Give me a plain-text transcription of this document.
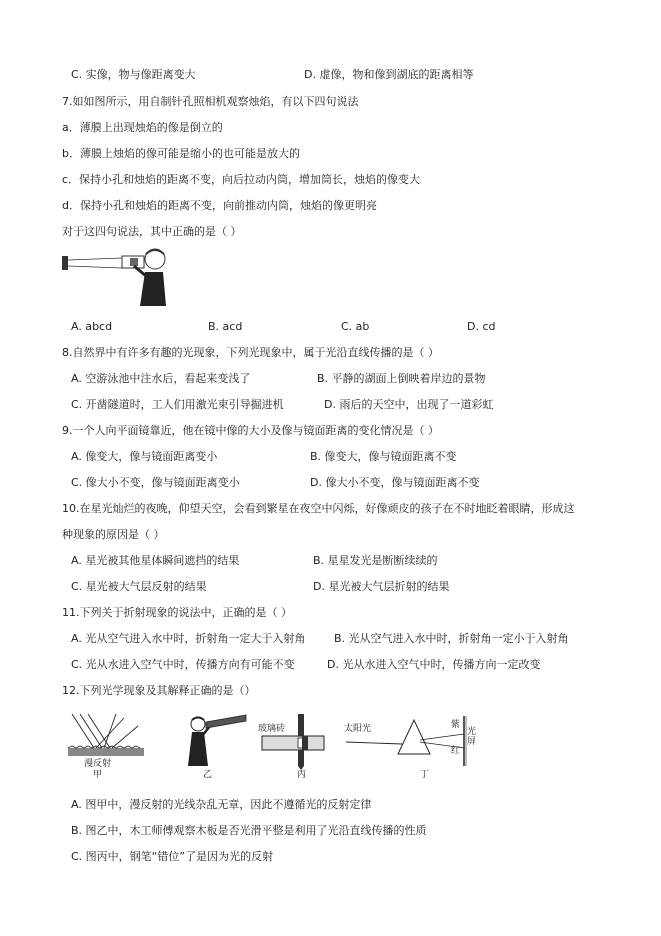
C. 实像，物与像距离变大	D. 虚像，物和像到湖底的距离相等
7.如如图所示，用自制针孔照相机观察烛焰，有以下四句说法
a．薄膜上出现烛焰的像是倒立的
b．薄膜上烛焰的像可能是缩小的也可能是放大的
c．保持小孔和烛焰的距离不变，向后拉动内筒，增加筒长，烛焰的像变大
d．保持小孔和烛焰的距离不变，向前推动内筒，烛焰的像更明亮
对于这四句说法，其中正确的是（ ）
A. abcd	B. acd	C. ab	D. cd
8.自然界中有许多有趣的光现象，下列光现象中，属于光沿直线传播的是（ ）
A. 空游泳池中注水后，看起来变浅了	B. 平静的湖面上倒映着岸边的景物
C. 开凿隧道时，工人们用激光束引导掘进机	D. 雨后的天空中，出现了一道彩虹
9.一个人向平面镜靠近，他在镜中像的大小及像与镜面距离的变化情况是（ ）
A. 像变大，像与镜面距离变小	B. 像变大，像与镜面距离不变
C. 像大小不变，像与镜面距离变小	D. 像大小不变，像与镜面距离不变
10.在星光灿烂的夜晚，仰望天空，会看到繁星在夜空中闪烁，好像顽皮的孩子在不时地眨着眼睛，形成这
种现象的原因是（ ）
A. 星光被其他星体瞬间遮挡的结果	B. 星星发光是断断续续的
C. 星光被大气层反射的结果	D. 星光被大气层折射的结果
11.下列关于折射现象的说法中，正确的是（ ）
A. 光从空气进入水中时，折射角一定大于入射角	B. 光从空气进入水中时，折射角一定小于入射角
C. 光从水进入空气中时，传播方向有可能不变	D. 光从水进入空气中时，传播方向一定改变
12.下列光学现象及其解释正确的是（）
漫反射
甲	乙
玻璃砖
丙
太阳光	紫
红
光屏
丁
A. 图甲中，漫反射的光线杂乱无章，因此不遵循光的反射定律
B. 图乙中，木工师傅观察木板是否光滑平整是利用了光沿直线传播的性质
C. 图丙中，钢笔“错位”了是因为光的反射
